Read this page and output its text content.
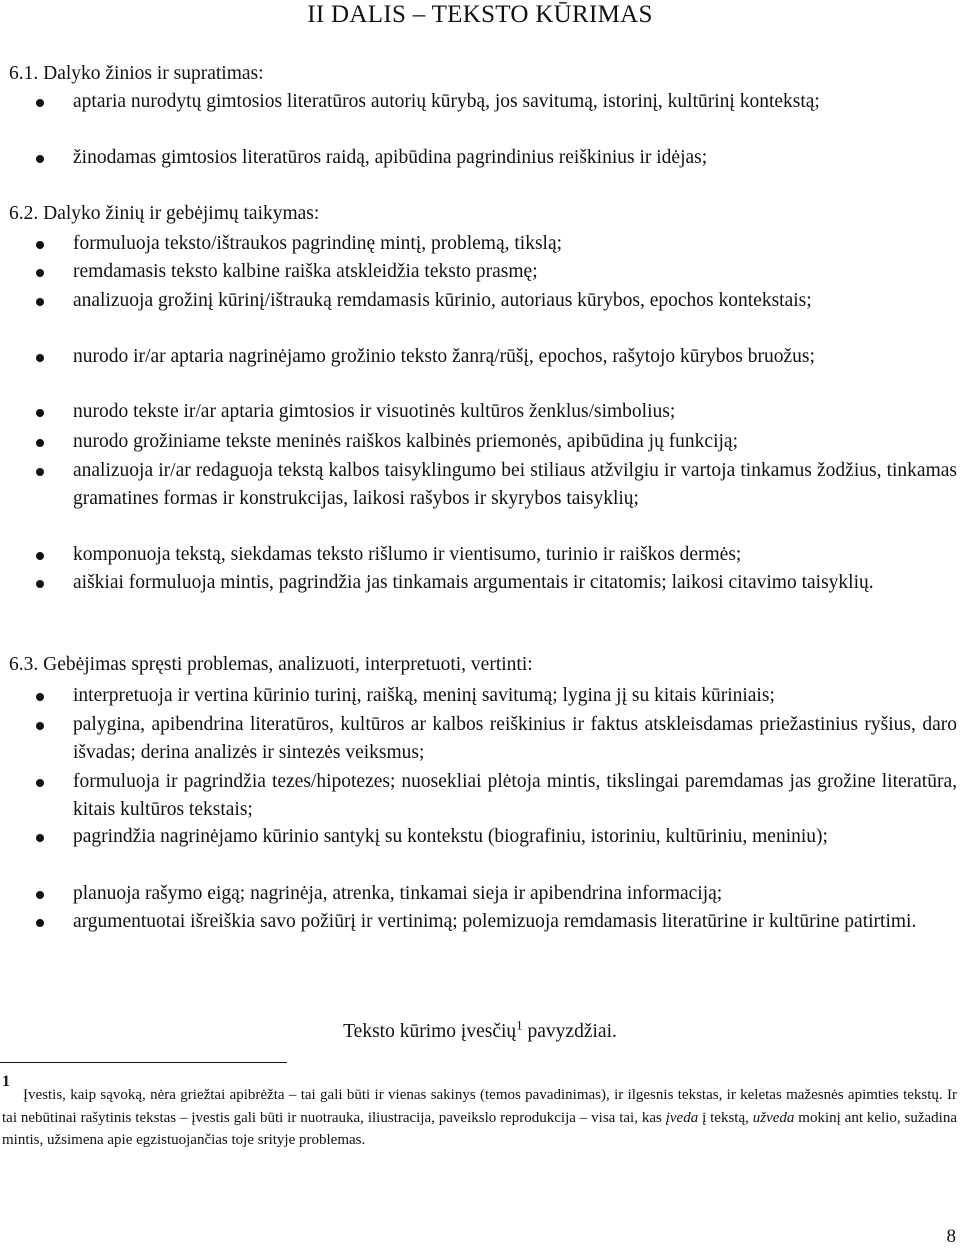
II DALIS – TEKSTO KŪRIMAS
6.1. Dalyko žinios ir supratimas:
aptaria nurodytų gimtosios literatūros autorių kūrybą, jos savitumą, istorinį, kultūrinį kontekstą;
žinodamas gimtosios literatūros raidą, apibūdina pagrindinius reiškinius ir idėjas;
6.2. Dalyko žinių ir gebėjimų taikymas:
formuluoja teksto/ištraukos pagrindinę mintį, problemą, tikslą;
remdamasis teksto kalbine raiška atskleidžia teksto prasmę;
analizuoja grožinį kūrinį/ištrauką remdamasis kūrinio, autoriaus kūrybos, epochos kontekstais;
nurodo ir/ar aptaria nagrinėjamo grožinio teksto žanrą/rūšį, epochos, rašytojo kūrybos bruožus;
nurodo tekste ir/ar aptaria gimtosios ir visuotinės kultūros ženklus/simbolius;
nurodo grožiniame tekste meninės raiškos kalbinės priemonės, apibūdina jų funkciją;
analizuoja ir/ar redaguoja tekstą kalbos taisyklingumo bei stiliaus atžvilgiu ir vartoja tinkamus žodžius, tinkamas gramatines formas ir konstrukcijas, laikosi rašybos ir skyrybos taisyklių;
komponuoja tekstą, siekdamas teksto rišlumo ir vientisumo, turinio ir raiškos dermės;
aiškiai formuluoja mintis, pagrindžia jas tinkamais argumentais ir citatomis; laikosi citavimo taisyklių.
6.3. Gebėjimas spręsti problemas, analizuoti, interpretuoti, vertinti:
interpretuoja ir vertina kūrinio turinį, raišką, meninį savitumą; lygina jį su kitais kūriniais;
palygina, apibendrina literatūros, kultūros ar kalbos reiškinius ir faktus atskleisdamas priežastinius ryšius, daro išvadas; derina analizės ir sintezės veiksmus;
formuluoja ir pagrindžia tezes/hipotezes; nuosekliai plėtoja mintis, tikslingai paremdamas jas grožine literatūra, kitais kultūros tekstais;
pagrindžia nagrinėjamo kūrinio santykį su kontekstu (biografiniu, istoriniu, kultūriniu, meniniu);
planuoja rašymo eigą; nagrinėja, atrenka, tinkamai sieja ir apibendrina informaciją;
argumentuotai išreiškia savo požiūrį ir vertinimą; polemizuoja remdamasis literatūrine ir kultūrine patirtimi.
Teksto kūrimo įvesčių$^1$ pavyzdžiai.
1
Įvestis, kaip sąvoką, nėra griežtai apibrėžta – tai gali būti ir vienas sakinys (temos pavadinimas), ir ilgesnis tekstas, ir keletas mažesnės apimties tekstų. Ir tai nebūtinai rašytinis tekstas – įvestis gali būti ir nuotrauka, iliustracija, paveikslo reprodukcija – visa tai, kas įveda į tekstą, užveda mokinį ant kelio, sužadina mintis, užsimena apie egzistuojančias toje srityje problemas.
8
